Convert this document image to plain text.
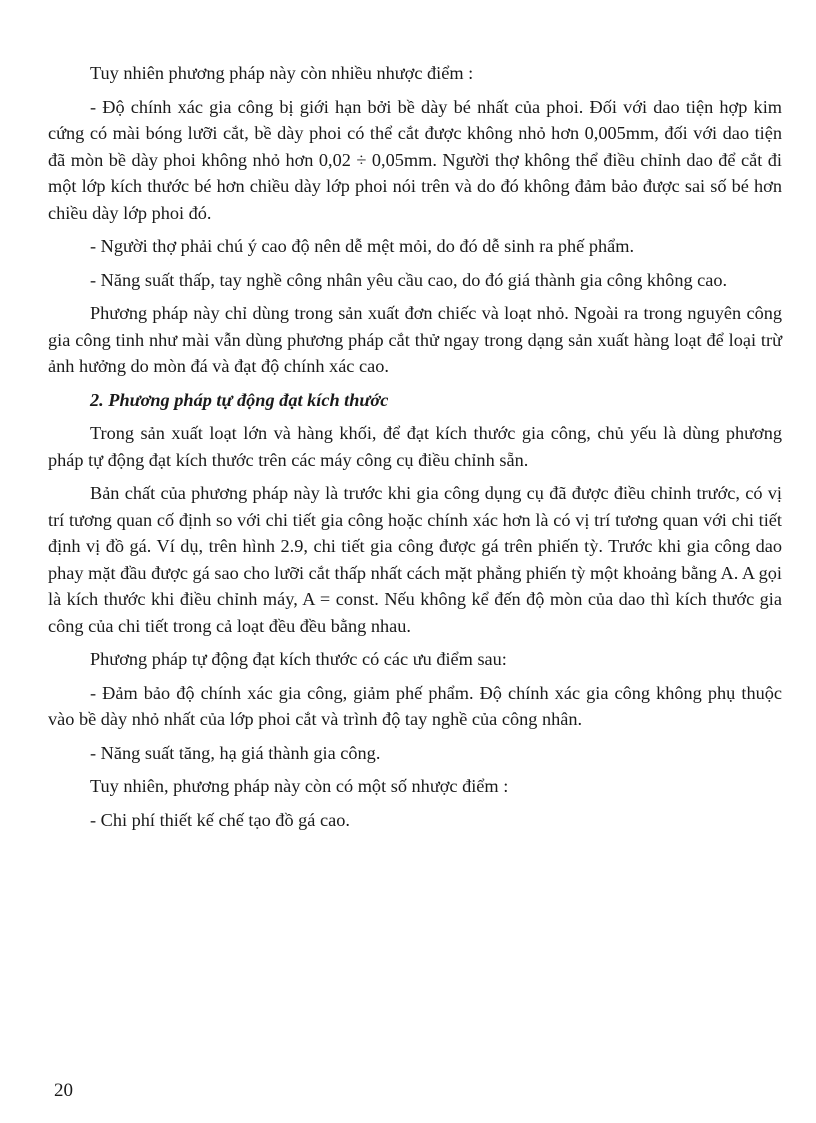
Tuy nhiên phương pháp này còn nhiều nhược điểm :

- Độ chính xác gia công bị giới hạn bởi bề dày bé nhất của phoi. Đối với dao tiện hợp kim cứng có mài bóng lưỡi cắt, bề dày phoi có thể cắt được không nhỏ hơn 0,005mm, đối với dao tiện đã mòn bề dày phoi không nhỏ hơn 0,02 ÷ 0,05mm. Người thợ không thể điều chỉnh dao để cắt đi một lớp kích thước bé hơn chiều dày lớp phoi nói trên và do đó không đảm bảo được sai số bé hơn chiều dày lớp phoi đó.

- Người thợ phải chú ý cao độ nên dễ mệt mỏi, do đó dễ sinh ra phế phẩm.

- Năng suất thấp, tay nghề công nhân yêu cầu cao, do đó giá thành gia công không cao.

Phương pháp này chỉ dùng trong sản xuất đơn chiếc và loạt nhỏ. Ngoài ra trong nguyên công gia công tinh như mài vẫn dùng phương pháp cắt thử ngay trong dạng sản xuất hàng loạt để loại trừ ảnh hưởng do mòn đá và đạt độ chính xác cao.

2. Phương pháp tự động đạt kích thước

Trong sản xuất loạt lớn và hàng khối, để đạt kích thước gia công, chủ yếu là dùng phương pháp tự động đạt kích thước trên các máy công cụ điều chỉnh sẵn.

Bản chất của phương pháp này là trước khi gia công dụng cụ đã được điều chỉnh trước, có vị trí tương quan cố định so với chi tiết gia công hoặc chính xác hơn là có vị trí tương quan với chi tiết định vị đồ gá. Ví dụ, trên hình 2.9, chi tiết gia công được gá trên phiến tỳ. Trước khi gia công dao phay mặt đầu được gá sao cho lưỡi cắt thấp nhất cách mặt phẳng phiến tỳ một khoảng bằng A. A gọi là kích thước khi điều chỉnh máy, A = const. Nếu không kể đến độ mòn của dao thì kích thước gia công của chi tiết trong cả loạt đều đều bằng nhau.

Phương pháp tự động đạt kích thước có các ưu điểm sau:

- Đảm bảo độ chính xác gia công, giảm phế phẩm. Độ chính xác gia công không phụ thuộc vào bề dày nhỏ nhất của lớp phoi cắt và trình độ tay nghề của công nhân.

- Năng suất tăng, hạ giá thành gia công.

Tuy nhiên, phương pháp này còn có một số nhược điểm :

- Chi phí thiết kế chế tạo đồ gá cao.

20
